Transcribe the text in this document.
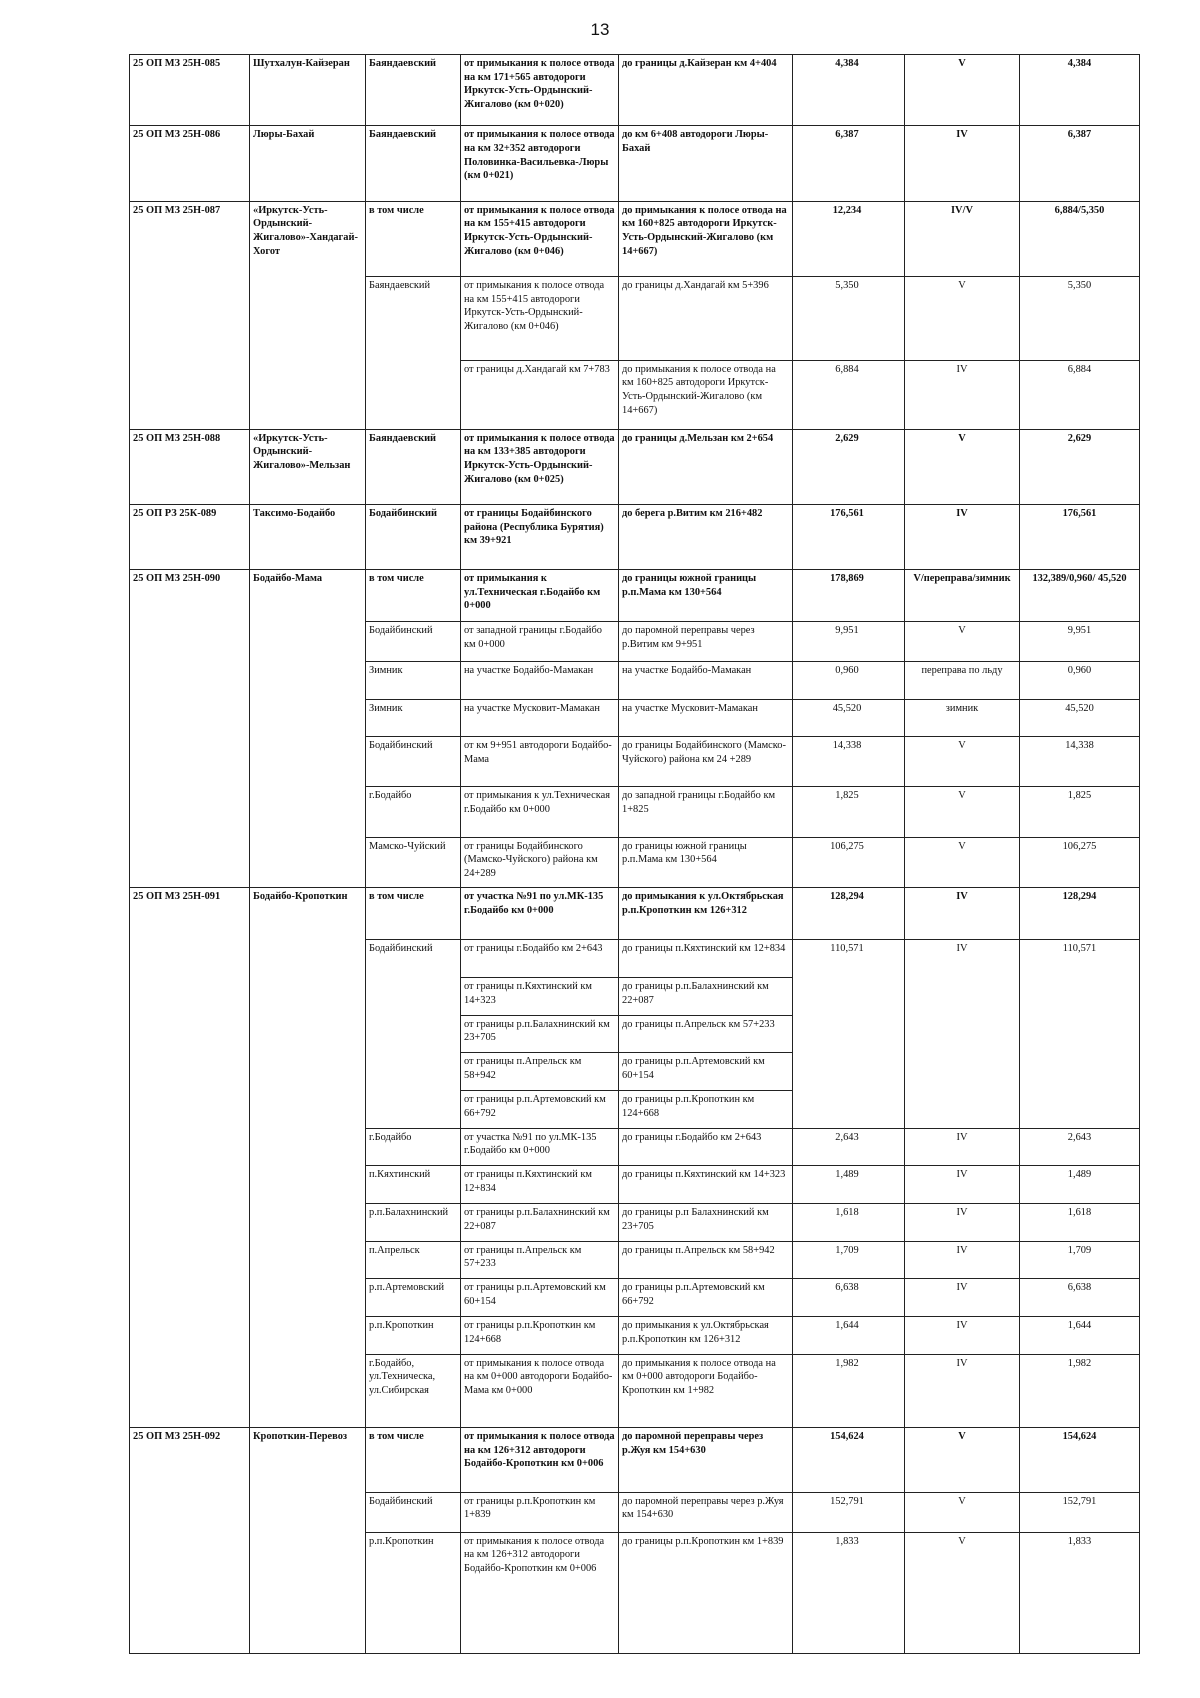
13
25 ОП МЗ 25Н-085	Шутхалун-Кайзеран	Баяндаевский	от примыкания к полосе отвода на км 171+565 автодороги Иркутск-Усть-Ордынский-Жигалово (км 0+020)	до границы д.Кайзеран км 4+404	4,384	V	4,384
25 ОП МЗ 25Н-086	Люры-Бахай	Баяндаевский	от примыкания к полосе отвода на км 32+352 автодороги Половинка-Васильевка-Люры (км 0+021)	до км 6+408 автодороги Люры-Бахай	6,387	IV	6,387
25 ОП МЗ 25Н-087	«Иркутск-Усть-Ордынский-Жигалово»-Хандагай-Хогот	в том числе	от примыкания к полосе отвода на км 155+415 автодороги Иркутск-Усть-Ордынский-Жигалово (км 0+046)	до примыкания к полосе отвода на км 160+825 автодороги Иркутск-Усть-Ордынский-Жигалово (км 14+667)	12,234	IV/V	6,884/5,350
		Баяндаевский	от примыкания к полосе отвода на км 155+415 автодороги Иркутск-Усть-Ордынский-Жигалово (км 0+046)	до границы д.Хандагай км 5+396	5,350	V	5,350
			от границы д.Хандагай км 7+783	до примыкания к полосе отвода на км 160+825 автодороги Иркутск-Усть-Ордынский-Жигалово (км 14+667)	6,884	IV	6,884
25 ОП МЗ 25Н-088	«Иркутск-Усть-Ордынский-Жигалово»-Мельзан	Баяндаевский	от примыкания к полосе отвода на км 133+385 автодороги Иркутск-Усть-Ордынский-Жигалово (км 0+025)	до границы д.Мельзан км 2+654	2,629	V	2,629
25 ОП РЗ 25К-089	Таксимо-Бодайбо	Бодайбинский	от границы Бодайбинского района (Республика Бурятия) км 39+921	до берега р.Витим км 216+482	176,561	IV	176,561
25 ОП МЗ 25Н-090	Бодайбо-Мама	в том числе	от примыкания к ул.Техническая г.Бодайбо км 0+000	до границы южной границы р.п.Мама км 130+564	178,869	V/переправа/зимник	132,389/0,960/ 45,520
		Бодайбинский	от западной границы г.Бодайбо км 0+000	до паромной переправы через р.Витим км 9+951	9,951	V	9,951
		Зимник	на участке Бодайбо-Мамакан	на участке Бодайбо-Мамакан	0,960	переправа по льду	0,960
		Зимник	на участке Мусковит-Мамакан	на участке Мусковит-Мамакан	45,520	зимник	45,520
		Бодайбинский	от км 9+951 автодороги Бодайбо-Мама	до границы Бодайбинского (Мамско-Чуйского) района км 24 +289	14,338	V	14,338
		г.Бодайбо	от примыкания к ул.Техническая г.Бодайбо км 0+000	до западной границы г.Бодайбо км 1+825	1,825	V	1,825
		Мамско-Чуйский	от границы Бодайбинского (Мамско-Чуйского) района км 24+289	до границы южной границы р.п.Мама км 130+564	106,275	V	106,275
25 ОП МЗ 25Н-091	Бодайбо-Кропоткин	в том числе	от участка №91 по ул.МК-135 г.Бодайбо км 0+000	до примыкания к ул.Октябрьская р.п.Кропоткин км 126+312	128,294	IV	128,294
		Бодайбинский	от границы г.Бодайбо км 2+643	до границы п.Кяхтинский км 12+834	110,571	IV	110,571
			от границы п.Кяхтинский км 14+323	до границы р.п.Балахнинский км 22+087			
			от границы р.п.Балахнинский км 23+705	до границы п.Апрельск км 57+233			
			от границы п.Апрельск км 58+942	до границы р.п.Артемовский км 60+154			
			от границы р.п.Артемовский км 66+792	до границы р.п.Кропоткин км 124+668			
		г.Бодайбо	от участка №91 по ул.МК-135 г.Бодайбо км 0+000	до границы г.Бодайбо км 2+643	2,643	IV	2,643
		п.Кяхтинский	от границы п.Кяхтинский км 12+834	до границы п.Кяхтинский км 14+323	1,489	IV	1,489
		р.п.Балахнинский	от границы р.п.Балахнинский км 22+087	до границы р.п Балахнинский км 23+705	1,618	IV	1,618
		п.Апрельск	от границы п.Апрельск км 57+233	до границы п.Апрельск км 58+942	1,709	IV	1,709
		р.п.Артемовский	от границы р.п.Артемовский км 60+154	до границы р.п.Артемовский км 66+792	6,638	IV	6,638
		р.п.Кропоткин	от границы р.п.Кропоткин км 124+668	до примыкания к ул.Октябрьская р.п.Кропоткин км 126+312	1,644	IV	1,644
		г.Бодайбо, ул.Техническа, ул.Сибирская	от примыкания к полосе отвода на км 0+000 автодороги Бодайбо-Мама км 0+000	до примыкания к полосе отвода на км 0+000 автодороги Бодайбо-Кропоткин км 1+982	1,982	IV	1,982
25 ОП МЗ 25Н-092	Кропоткин-Перевоз	в том числе	от примыкания к полосе отвода на км 126+312 автодороги Бодайбо-Кропоткин км 0+006	до паромной переправы через р.Жуя км 154+630	154,624	V	154,624
		Бодайбинский	от границы р.п.Кропоткин км 1+839	до паромной переправы через р.Жуя км 154+630	152,791	V	152,791
		р.п.Кропоткин	от примыкания к полосе отвода на км 126+312 автодороги Бодайбо-Кропоткин км 0+006	до границы р.п.Кропоткин км 1+839	1,833	V	1,833
